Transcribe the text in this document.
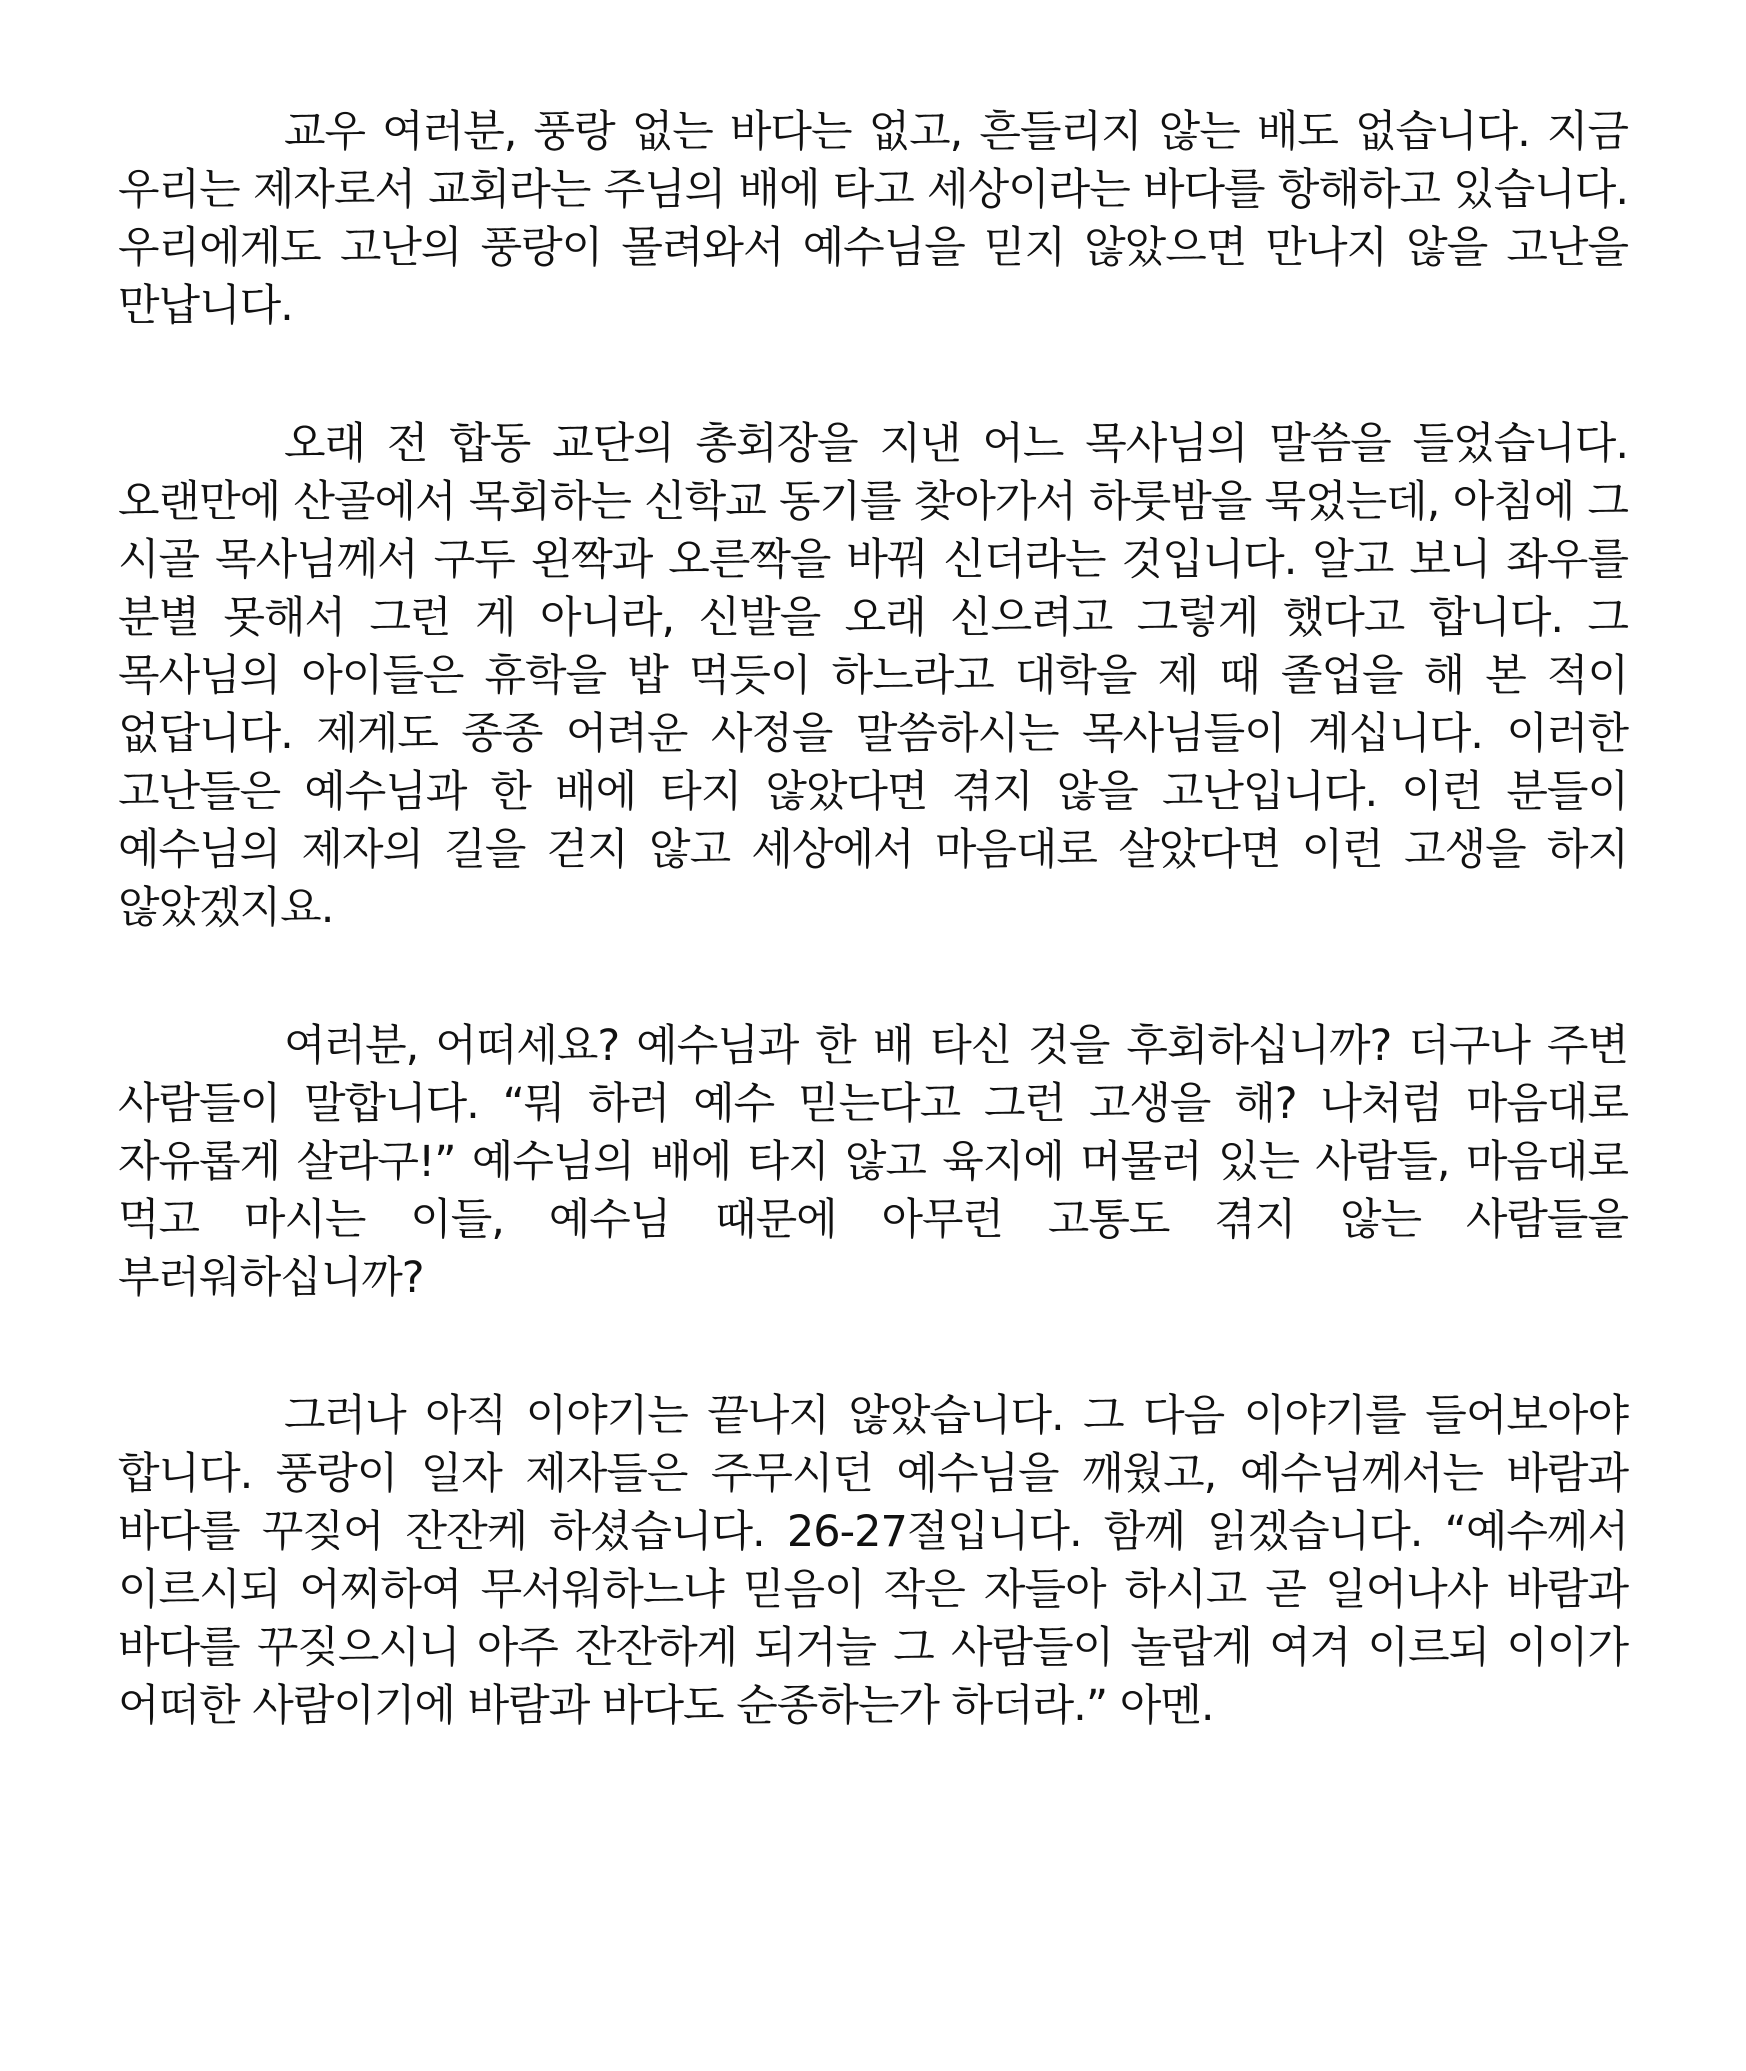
교우 여러분, 풍랑 없는 바다는 없고, 흔들리지 않는 배도 없습니다. 지금 우리는 제자로서 교회라는 주님의 배에 타고 세상이라는 바다를 항해하고 있습니다. 우리에게도 고난의 풍랑이 몰려와서 예수님을 믿지 않았으면 만나지 않을 고난을 만납니다.

오래 전 합동 교단의 총회장을 지낸 어느 목사님의 말씀을 들었습니다. 오랜만에 산골에서 목회하는 신학교 동기를 찾아가서 하룻밤을 묵었는데, 아침에 그 시골 목사님께서 구두 왼짝과 오른짝을 바꿔 신더라는 것입니다. 알고 보니 좌우를 분별 못해서 그런 게 아니라, 신발을 오래 신으려고 그렇게 했다고 합니다. 그 목사님의 아이들은 휴학을 밥 먹듯이 하느라고 대학을 제 때 졸업을 해 본 적이 없답니다. 제게도 종종 어려운 사정을 말씀하시는 목사님들이 계십니다. 이러한 고난들은 예수님과 한 배에 타지 않았다면 겪지 않을 고난입니다. 이런 분들이 예수님의 제자의 길을 걷지 않고 세상에서 마음대로 살았다면 이런 고생을 하지 않았겠지요.

여러분, 어떠세요? 예수님과 한 배 타신 것을 후회하십니까? 더구나 주변 사람들이 말합니다. “뭐 하러 예수 믿는다고 그런 고생을 해? 나처럼 마음대로 자유롭게 살라구!” 예수님의 배에 타지 않고 육지에 머물러 있는 사람들, 마음대로 먹고 마시는 이들, 예수님 때문에 아무런 고통도 겪지 않는 사람들을 부러워하십니까?

그러나 아직 이야기는 끝나지 않았습니다. 그 다음 이야기를 들어보아야 합니다. 풍랑이 일자 제자들은 주무시던 예수님을 깨웠고, 예수님께서는 바람과 바다를 꾸짖어 잔잔케 하셨습니다. 26-27절입니다. 함께 읽겠습니다. “예수께서 이르시되 어찌하여 무서워하느냐 믿음이 작은 자들아 하시고 곧 일어나사 바람과 바다를 꾸짖으시니 아주 잔잔하게 되거늘 그 사람들이 놀랍게 여겨 이르되 이이가 어떠한 사람이기에 바람과 바다도 순종하는가 하더라.” 아멘.
